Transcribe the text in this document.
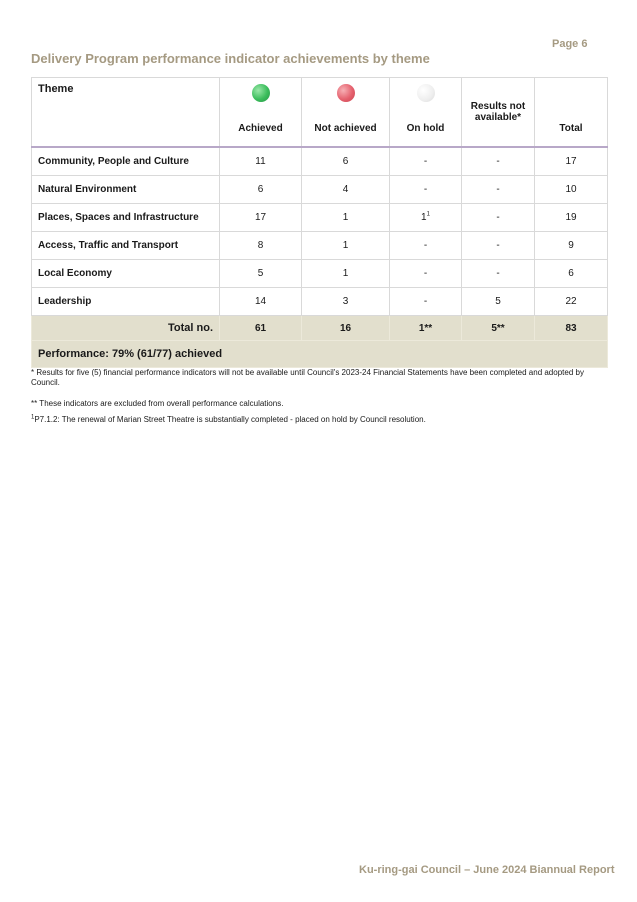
Page 6
Delivery Program performance indicator achievements by theme
Theme	Achieved	Not achieved	On hold	Results not available*	Total
Community, People and Culture	11	6	-	-	17
Natural Environment	6	4	-	-	10
Places, Spaces and Infrastructure	17	1	$1^1$	-	19
Access, Traffic and Transport	8	1	-	-	9
Local Economy	5	1	-	-	6
Leadership	14	3	-	5	22
Total no.	61	16	1**	5**	83
Performance: 79% (61/77) achieved					

* Results for five (5) financial performance indicators will not be available until Council's 2023-24 Financial Statements have been completed and adopted by Council.

** These indicators are excluded from overall performance calculations.

$^1$P7.1.2: The renewal of Marian Street Theatre is substantially completed - placed on hold by Council resolution.

Ku-ring-gai Council – June 2024 Biannual Report
